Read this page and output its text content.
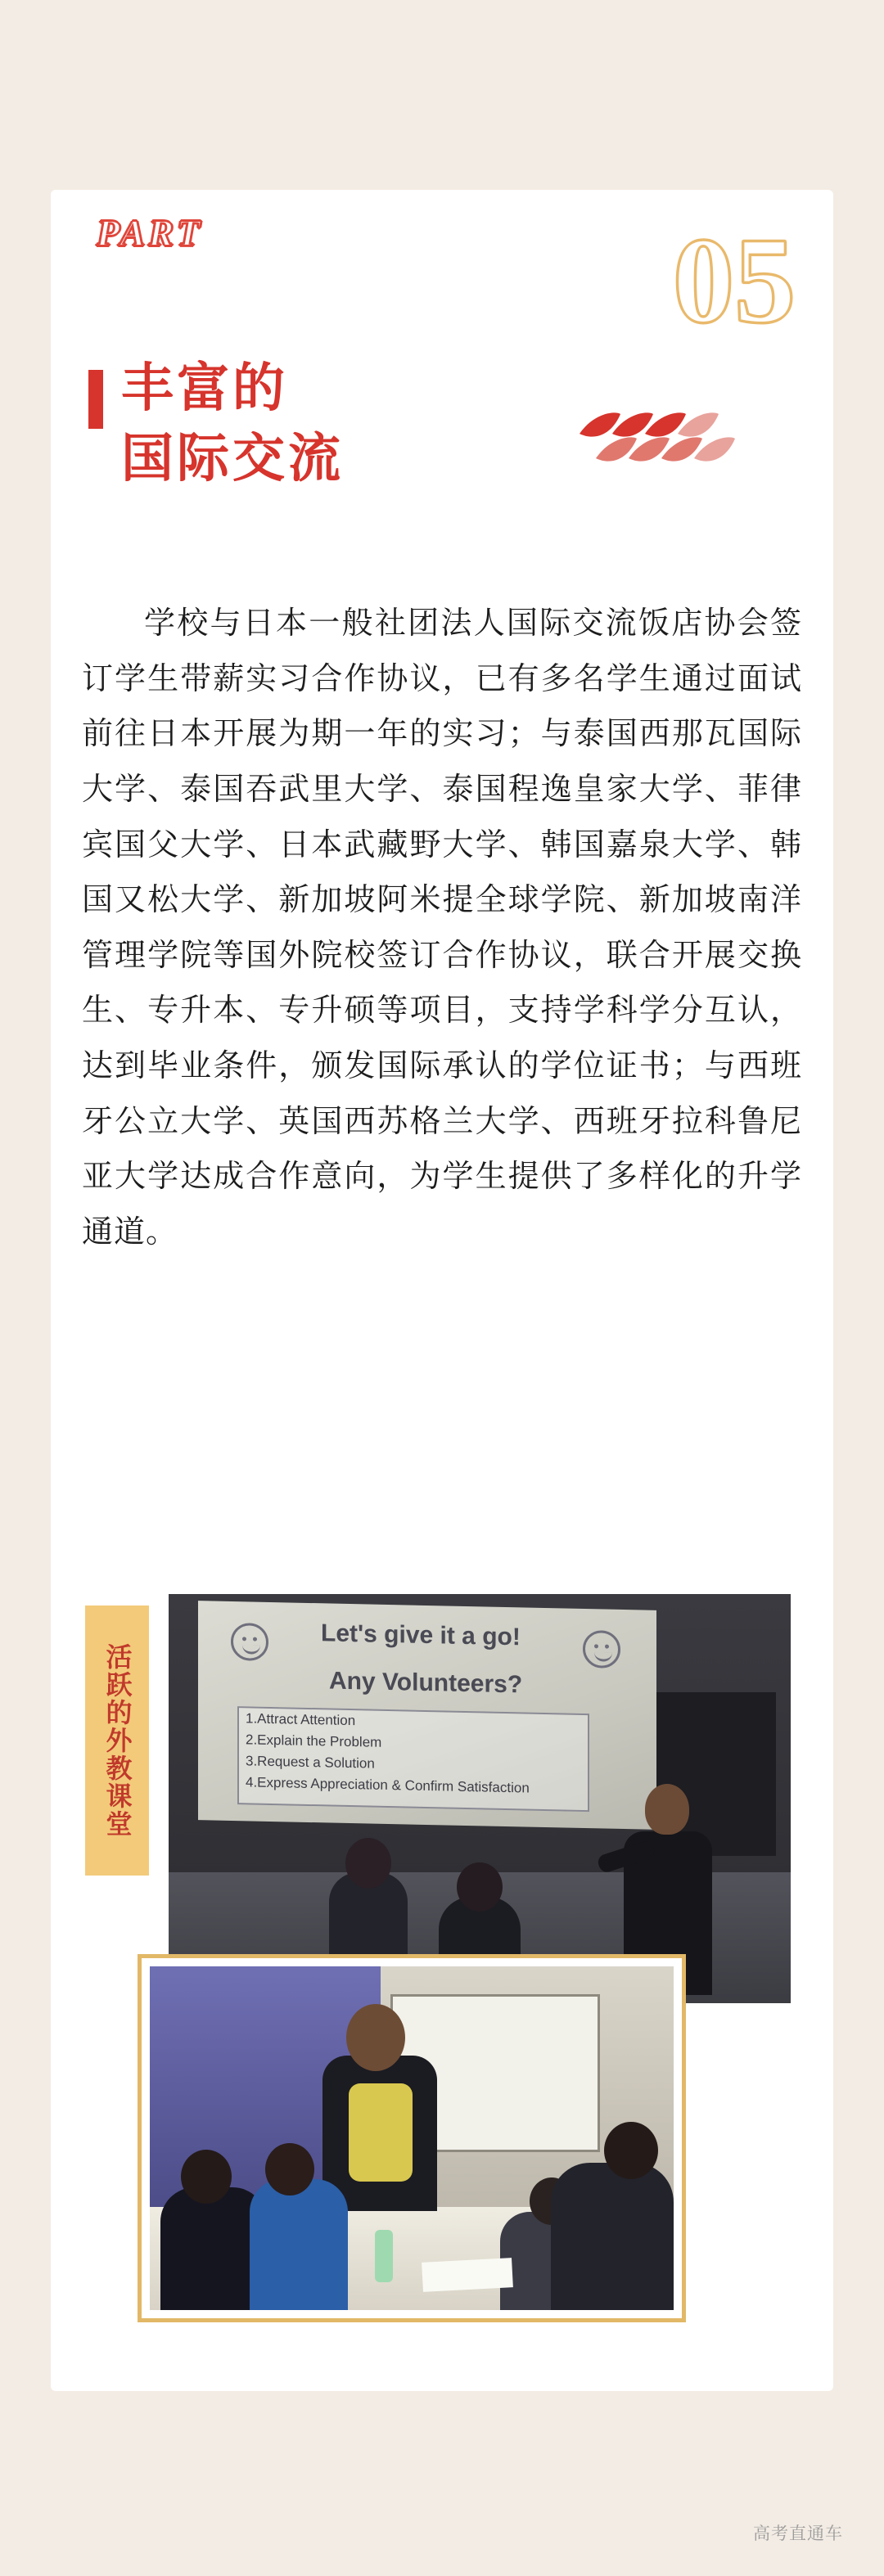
PART	05
丰富的
国际交流
学校与日本一般社团法人国际交流饭店协会签订学生带薪实习合作协议，已有多名学生通过面试前往日本开展为期一年的实习；与泰国西那瓦国际大学、泰国吞武里大学、泰国程逸皇家大学、菲律宾国父大学、日本武藏野大学、韩国嘉泉大学、韩国又松大学、新加坡阿米提全球学院、新加坡南洋管理学院等国外院校签订合作协议，联合开展交换生、专升本、专升硕等项目，支持学科学分互认，达到毕业条件，颁发国际承认的学位证书；与西班牙公立大学、英国西苏格兰大学、西班牙拉科鲁尼亚大学达成合作意向，为学生提供了多样化的升学通道。
Let's give it a go!
Any Volunteers?
1.Attract Attention
2.Explain the Problem
3.Request a Solution
4.Express Appreciation & Confirm Satisfaction
活跃的外教课堂
高考直通车
